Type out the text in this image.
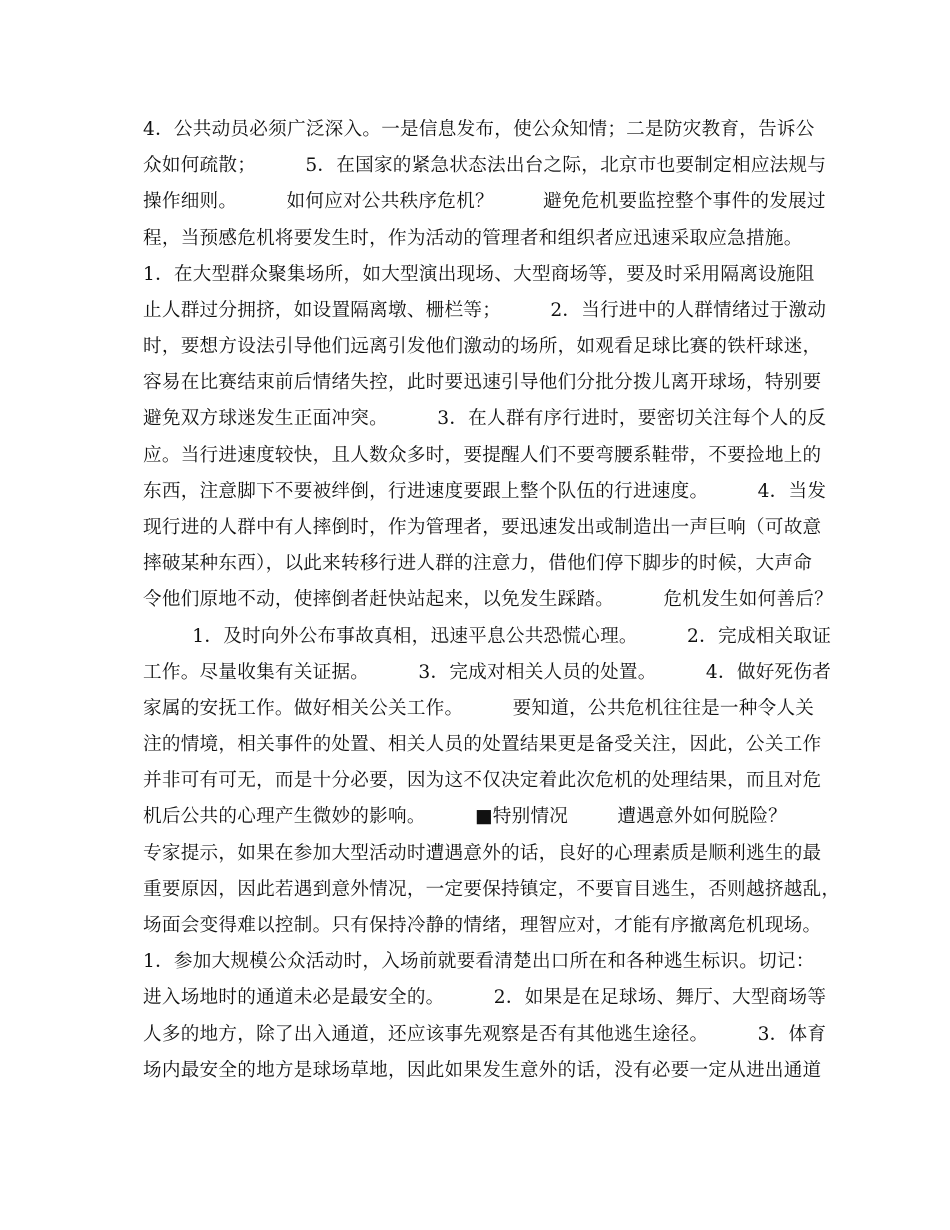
4．公共动员必须广泛深入。一是信息发布，使公众知情；二是防灾教育，告诉公
众如何疏散；        5．在国家的紧急状态法出台之际，北京市也要制定相应法规与
操作细则。        如何应对公共秩序危机？        避免危机要监控整个事件的发展过
程，当预感危机将要发生时，作为活动的管理者和组织者应迅速采取应急措施。
1．在大型群众聚集场所，如大型演出现场、大型商场等，要及时采用隔离设施阻
止人群过分拥挤，如设置隔离墩、栅栏等；        2．当行进中的人群情绪过于激动
时，要想方设法引导他们远离引发他们激动的场所，如观看足球比赛的铁杆球迷，
容易在比赛结束前后情绪失控，此时要迅速引导他们分批分拨儿离开球场，特别要
避免双方球迷发生正面冲突。        3．在人群有序行进时，要密切关注每个人的反
应。当行进速度较快，且人数众多时，要提醒人们不要弯腰系鞋带，不要捡地上的
东西，注意脚下不要被绊倒，行进速度要跟上整个队伍的行进速度。        4．当发
现行进的人群中有人摔倒时，作为管理者，要迅速发出或制造出一声巨响（可故意
摔破某种东西），以此来转移行进人群的注意力，借他们停下脚步的时候，大声命
令他们原地不动，使摔倒者赶快站起来，以免发生踩踏。        危机发生如何善后？
1．及时向外公布事故真相，迅速平息公共恐慌心理。        2．完成相关取证
工作。尽量收集有关证据。        3．完成对相关人员的处置。        4．做好死伤者
家属的安抚工作。做好相关公关工作。        要知道，公共危机往往是一种令人关
注的情境，相关事件的处置、相关人员的处置结果更是备受关注，因此，公关工作
并非可有可无，而是十分必要，因为这不仅决定着此次危机的处理结果，而且对危
机后公共的心理产生微妙的影响。        ■特别情况        遭遇意外如何脱险？
专家提示，如果在参加大型活动时遭遇意外的话，良好的心理素质是顺利逃生的最
重要原因，因此若遇到意外情况，一定要保持镇定，不要盲目逃生，否则越挤越乱，
场面会变得难以控制。只有保持冷静的情绪，理智应对，才能有序撤离危机现场。
1．参加大规模公众活动时，入场前就要看清楚出口所在和各种逃生标识。切记：
进入场地时的通道未必是最安全的。        2．如果是在足球场、舞厅、大型商场等
人多的地方，除了出入通道，还应该事先观察是否有其他逃生途径。        3．体育
场内最安全的地方是球场草地，因此如果发生意外的话，没有必要一定从进出通道
